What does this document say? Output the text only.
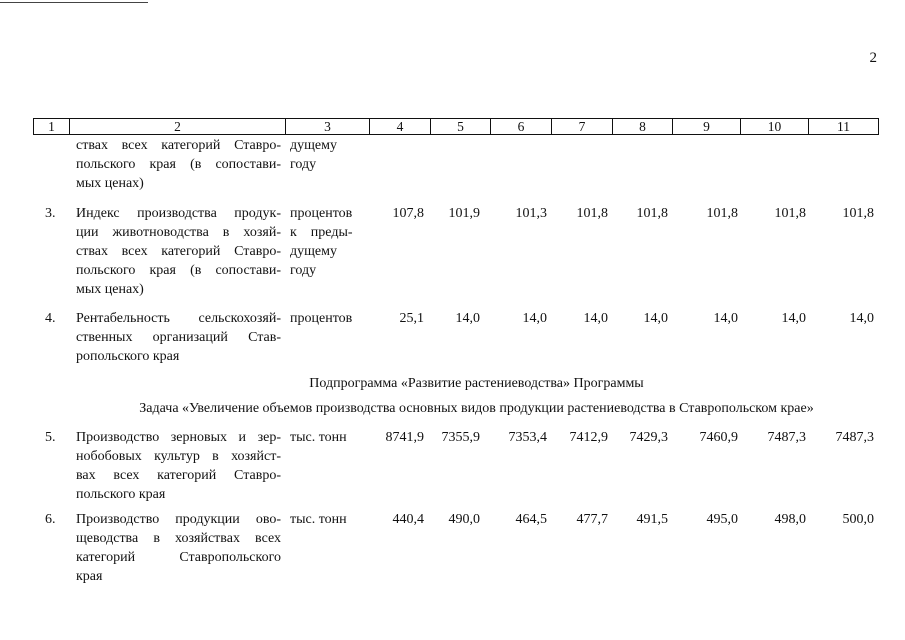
2
1	2	3	4	5	6	7	8	9	10	11
ствах всех категорий Ставро-
польского края (в сопостави-
мых ценах)
дущему
году
3.	Индекс производства продук-
ции животноводства в хозяй-
ствах всех категорий Ставро-
польского края (в сопостави-
мых ценах)
процентов
к    преды-
дущему
году
107,8 101,9	101,3 101,8 101,8	101,8	101,8	101,8
4.	Рентабельность сельскохозяй-
ственных организаций Став-
ропольского края
процентов	25,1 14,0	14,0	14,0	14,0	14,0	14,0	14,0
Подпрограмма «Развитие растениеводства» Программы
Задача «Увеличение объемов производства основных видов продукции растениеводства в Ставропольском крае»
5.	Производство зерновых и зер-
нобобовых культур в хозяйст-
вах всех категорий Ставро-
польского края
тыс. тонн	8741,9 7355,9 7353,4 7412,9 7429,3 7460,9 7487,3 7487,3
6.	Производство продукции ово-
щеводства в хозяйствах всех
категорий Ставропольского
края
тыс. тонн	440,4 490,0	464,5 477,7 491,5	495,0	498,0	500,0
